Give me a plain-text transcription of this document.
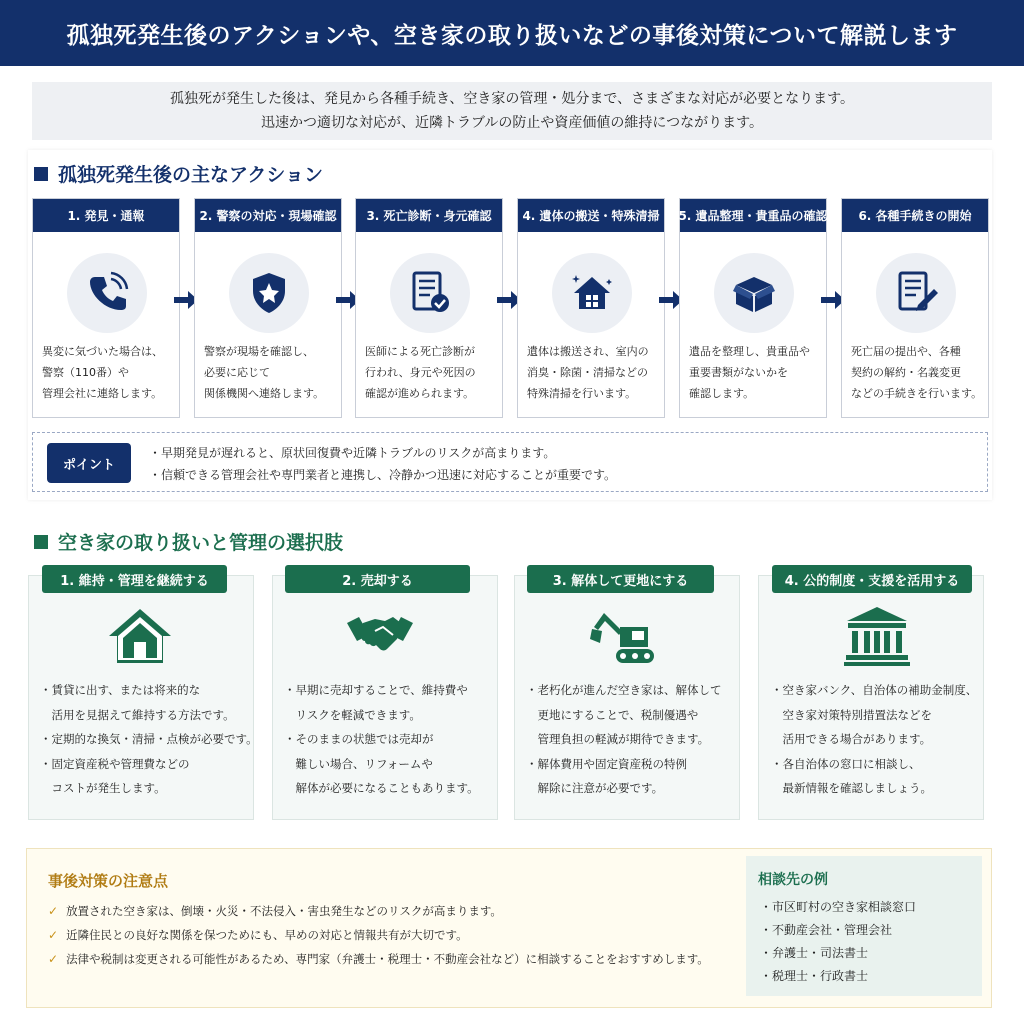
孤独死発生後のアクションや、空き家の取り扱いなどの事後対策について解説します
孤独死が発生した後は、発見から各種手続き、空き家の管理・処分まで、さまざまな対応が必要となります。
迅速かつ適切な対応が、近隣トラブルの防止や資産価値の維持につながります。
孤独死発生後の主なアクション
1. 発見・通報
異変に気づいた場合は、
警察（110番）や
管理会社に連絡します。
2. 警察の対応・現場確認
警察が現場を確認し、
必要に応じて
関係機関へ連絡します。
3. 死亡診断・身元確認
医師による死亡診断が
行われ、身元や死因の
確認が進められます。
4. 遺体の搬送・特殊清掃
遺体は搬送され、室内の
消臭・除菌・清掃などの
特殊清掃を行います。
5. 遺品整理・貴重品の確認
遺品を整理し、貴重品や
重要書類がないかを
確認します。
6. 各種手続きの開始
死亡届の提出や、各種
契約の解約・名義変更
などの手続きを行います。
ポイント
・早期発見が遅れると、原状回復費や近隣トラブルのリスクが高まります。
・信頼できる管理会社や専門業者と連携し、冷静かつ迅速に対応することが重要です。
空き家の取り扱いと管理の選択肢
1. 維持・管理を継続する	2. 売却する	3. 解体して更地にする	4. 公的制度・支援を活用する
・賃貸に出す、または将来的な
　活用を見据えて維持する方法です。
・定期的な換気・清掃・点検が必要です。
・固定資産税や管理費などの
　コストが発生します。
・早期に売却することで、維持費や
　リスクを軽減できます。
・そのままの状態では売却が
　難しい場合、リフォームや
　解体が必要になることもあります。
・老朽化が進んだ空き家は、解体して
　更地にすることで、税制優遇や
　管理負担の軽減が期待できます。
・解体費用や固定資産税の特例
　解除に注意が必要です。
・空き家バンク、自治体の補助金制度、
　空き家対策特別措置法などを
　活用できる場合があります。
・各自治体の窓口に相談し、
　最新情報を確認しましょう。
事後対策の注意点
✓ 放置された空き家は、倒壊・火災・不法侵入・害虫発生などのリスクが高まります。
✓ 近隣住民との良好な関係を保つためにも、早めの対応と情報共有が大切です。
✓ 法律や税制は変更される可能性があるため、専門家（弁護士・税理士・不動産会社など）に相談することをおすすめします。
相談先の例
・市区町村の空き家相談窓口
・不動産会社・管理会社
・弁護士・司法書士
・税理士・行政書士
